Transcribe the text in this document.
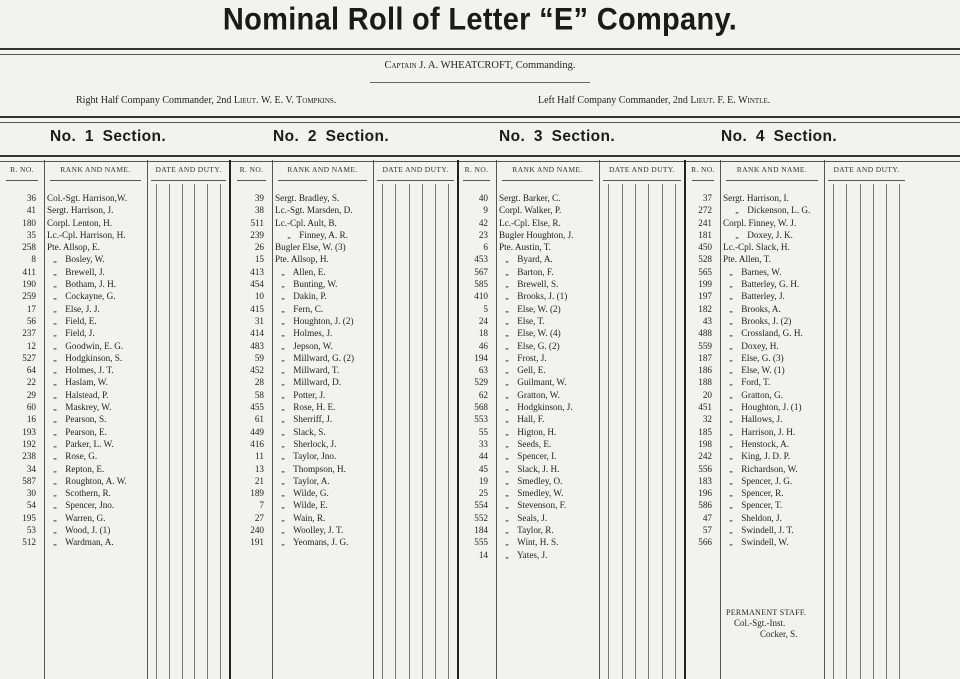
Nominal Roll of Letter “E” Company.
Captain J. A. WHEATCROFT, Commanding.
Right Half Company Commander, 2nd Lieut. W. E. V. Tompkins.	Left Half Company Commander, 2nd Lieut. F. E. Wintle.
No. 1 Section.	No. 2 Section.	No. 3 Section.	No. 4 Section.
R. NO.	RANK AND NAME.	DATE AND DUTY.
36 Col.-Sgt. Harrison,W.
41 Sergt. Harrison, J.
180 Corpl. Lenton, H.
35 Lc.-Cpl. Harrison, H.
258 Pte. Allsop, E.
8	„ Bosley, W.
411	„ Brewell, J.
190	„ Botham, J. H.
259	„ Cockayne, G.
17	„ Else, J. J.
56	„ Field, E.
237	„ Field, J.
12	„ Goodwin, E. G.
527	„ Hodgkinson, S.
64	„ Holmes, J. T.
22	„ Haslam, W.
29	„ Halstead, P.
60	„ Maskrey, W.
16	„ Pearson, S.
193	„ Pearson, E.
192	„ Parker, L. W.
238	„ Rose, G.
34	„ Repton, E.
587	„ Roughton, A. W.
30	„ Scothern, R.
54	„ Spencer, Jno.
195	„ Warren, G.
53	„ Wood, J. (1)
512	„ Wardman, A.
R. NO.	RANK AND NAME.	DATE AND DUTY.
39 Sergt. Bradley, S.
38 Lc.-Sgt. Marsden, D.
511 Lc.-Cpl. Ault, B.
239	„ Finney, A. R.
26 Bugler Else, W. (3)
15 Pte. Allsop, H.
413	„ Allen, E.
454	„ Bunting, W.
10	„ Dakin, P.
415	„ Fern, C.
31	„ Houghton, J. (2)
414	„ Holmes, J.
483	„ Jepson, W.
59	„ Millward, G. (2)
452	„ Millward, T.
28	„ Millward, D.
58	„ Potter, J.
455	„ Rose, H. E.
61	„ Sherriff, J.
449	„ Slack, S.
416	„ Sherlock, J.
11	„ Taylor, Jno.
13	„ Thompson, H.
21	„ Taylor, A.
189	„ Wilde, G.
7	„ Wilde, E.
27	„ Wain, R.
240	„ Woolley, J. T.
191	„ Yeomans, J. G.
R. NO.	RANK AND NAME.	DATE AND DUTY.
40 Sergt. Barker, C.
9 Corpl. Walker, P.
42 Lc.-Cpl. Else, R.
23 Bugler Houghton, J.
6 Pte. Austin, T.
453	„ Byard, A.
567	„ Barton, F.
585	„ Brewell, S.
410	„ Brooks, J. (1)
5	„ Else, W. (2)
24	„ Else, T.
18	„ Else, W. (4)
46	„ Else, G. (2)
194	„ Frost, J.
63	„ Gell, E.
529	„ Guilmant, W.
62	„ Gratton, W.
568	„ Hodgkinson, J.
553	„ Hall, F.
55	„ Higton, H.
33	„ Seeds, E.
44	„ Spencer, I.
45	„ Slack, J. H.
19	„ Smedley, O.
25	„ Smedley, W.
554	„ Stevenson, F.
552	„ Seals, J.
184	„ Taylor, R.
555	„ Wint, H. S.
14	„ Yates, J.
R. NO.	RANK AND NAME.	DATE AND DUTY.
37 Sergt. Harrison, I.
272	„ Dickenson, L. G.
241 Corpl. Finney, W. J.
181	„ Doxey, J. K.
450 Lc.-Cpl. Slack, H.
528 Pte. Allen, T.
565	„ Barnes, W.
199	„ Batterley, G. H.
197	„ Batterley, J.
182	„ Brooks, A.
43	„ Brooks, J. (2)
488	„ Crossland, G. H.
559	„ Doxey, H.
187	„ Else, G. (3)
186	„ Else, W. (1)
188	„ Ford, T.
20	„ Gratton, G.
451	„ Houghton, J. (1)
32	„ Hallows, J.
185	„ Harrison, J. H.
198	„ Henstock, A.
242	„ King, J. D. P.
556	„ Richardson, W.
183	„ Spencer, J. G.
196	„ Spencer, R.
586	„ Spencer, T.
47	„ Sheldon, J.
57	„ Swindell, J. T.
566	„ Swindell, W.
PERMANENT STAFF.
Col.-Sgt.-Inst.
Cocker, S.
